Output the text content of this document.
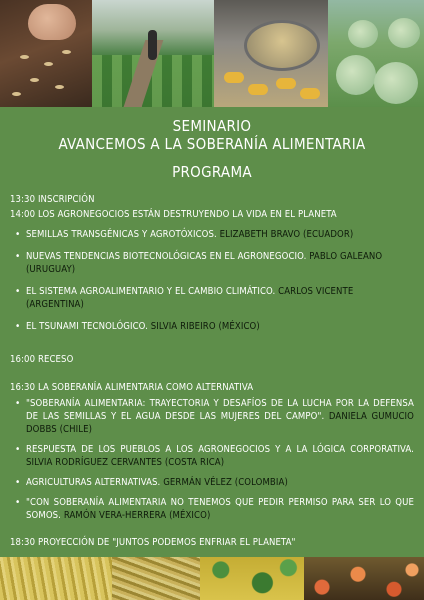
SEMINARIO
AVANCEMOS A LA SOBERANÍA ALIMENTARIA
PROGRAMA
13:30 INSCRIPCIÓN
14:00 LOS AGRONEGOCIOS ESTÁN DESTRUYENDO LA VIDA EN EL PLANETA
• SEMILLAS TRANSGÉNICAS Y AGROTÓXICOS. ELIZABETH BRAVO (ECUADOR)
• NUEVAS TENDENCIAS BIOTECNOLÓGICAS EN EL AGRONEGOCIO. PABLO GALEANO (URUGUAY)
• EL SISTEMA AGROALIMENTARIO Y EL CAMBIO CLIMÁTICO. CARLOS VICENTE (ARGENTINA)
• EL TSUNAMI TECNOLÓGICO. SILVIA RIBEIRO (MÉXICO)
16:00 RECESO
16:30 LA SOBERANÍA ALIMENTARIA COMO ALTERNATIVA
• "SOBERANÍA ALIMENTARIA: TRAYECTORIA Y DESAFÍOS DE LA LUCHA POR LA DEFENSA DE LAS SEMILLAS Y EL AGUA DESDE LAS MUJERES DEL CAMPO". DANIELA GUMUCIO DOBBS (CHILE)
• RESPUESTA DE LOS PUEBLOS A LOS AGRONEGOCIOS Y A LA LÓGICA CORPORATIVA. SILVIA RODRÍGUEZ CERVANTES (COSTA RICA)
• AGRICULTURAS ALTERNATIVAS. GERMÁN VÉLEZ (COLOMBIA)
• "CON SOBERANÍA ALIMENTARIA NO TENEMOS QUE PEDIR PERMISO PARA SER LO QUE SOMOS. RAMÓN VERA-HERRERA (MÉXICO)
18:30 PROYECCIÓN DE "JUNTOS PODEMOS ENFRIAR EL PLANETA"
